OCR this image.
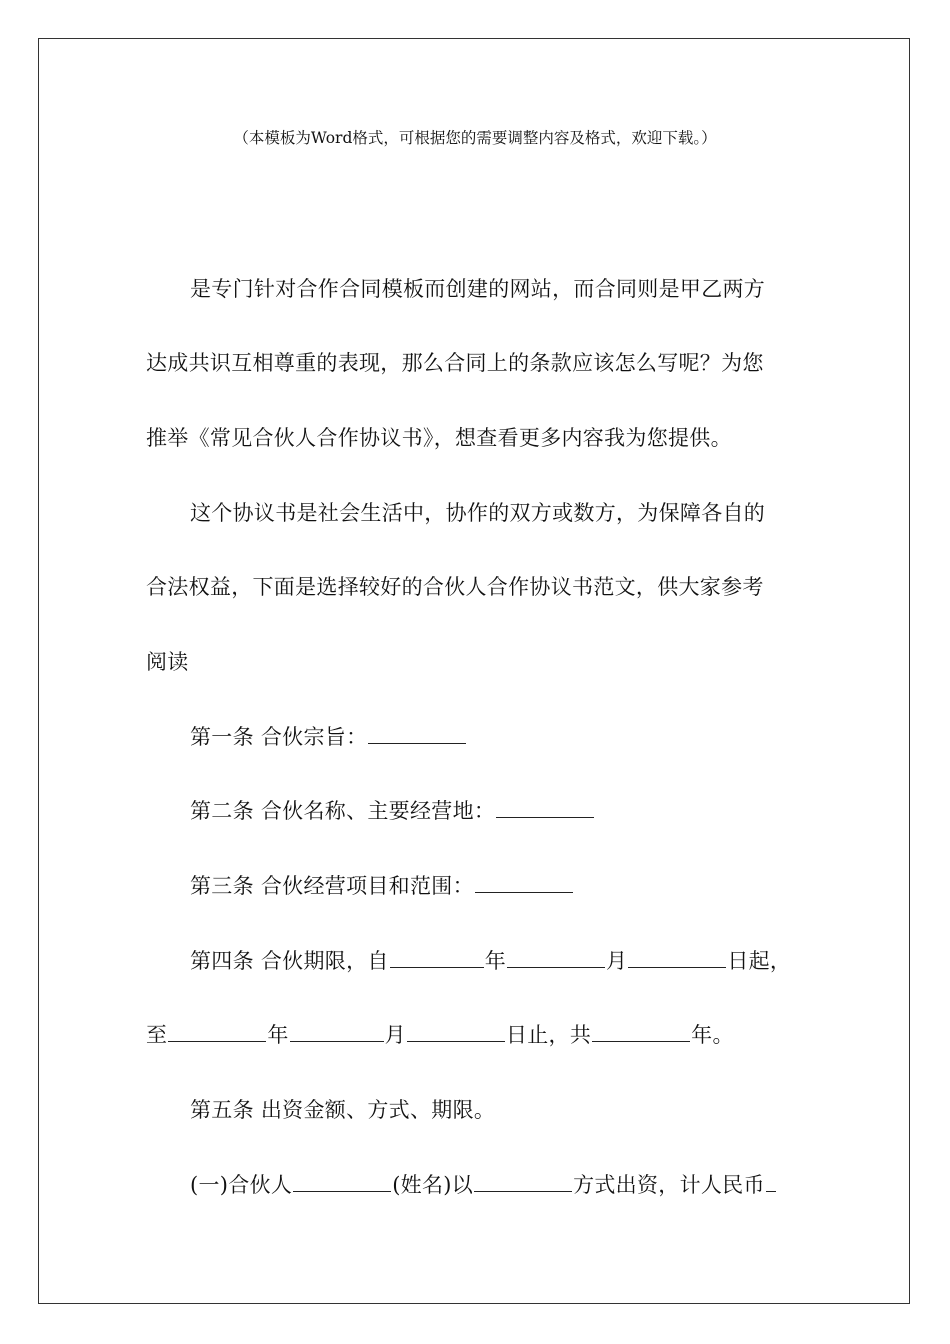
（本模板为Word格式，可根据您的需要调整内容及格式，欢迎下载。）
是专门针对合作合同模板而创建的网站，而合同则是甲乙两方
达成共识互相尊重的表现，那么合同上的条款应该怎么写呢？为您
推举《常见合伙人合作协议书》，想查看更多内容我为您提供。
这个协议书是社会生活中，协作的双方或数方，为保障各自的
合法权益，下面是选择较好的合伙人合作协议书范文，供大家参考
阅读
第一条 合伙宗旨：
第二条 合伙名称、主要经营地：
第三条 合伙经营项目和范围：
第四条 合伙期限，自	年	月	日起，
至	年	月	日止，共	年。
第五条 出资金额、方式、期限。
(一)合伙人	(姓名)以	方式出资，计人民币
